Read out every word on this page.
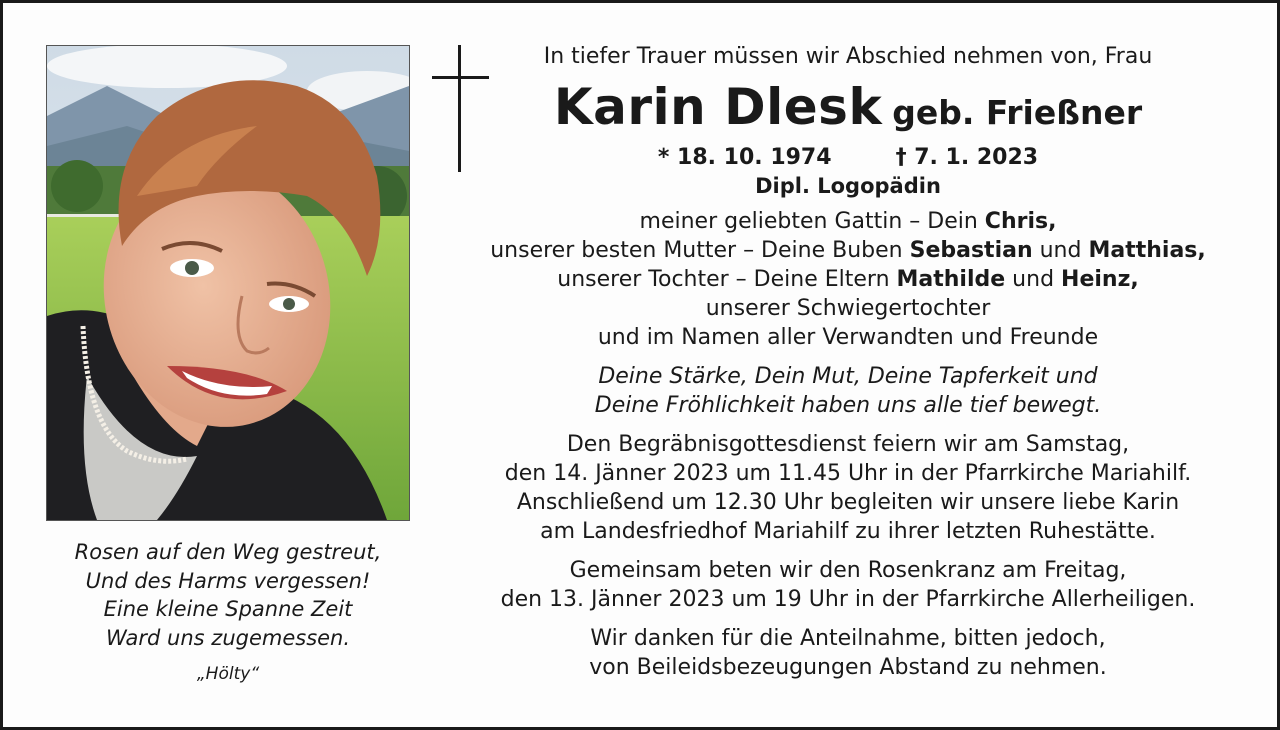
Rosen auf den Weg gestreut,
Und des Harms vergessen!
Eine kleine Spanne Zeit
Ward uns zugemessen.
„Hölty“
In tiefer Trauer müssen wir Abschied nehmen von, Frau
Karin Dlesk geb. Frießner
* 18. 10. 1974	† 7. 1. 2023
Dipl. Logopädin
meiner geliebten Gattin – Dein Chris,
unserer besten Mutter – Deine Buben Sebastian und Matthias,
unserer Tochter – Deine Eltern Mathilde und Heinz,
unserer Schwiegertochter
und im Namen aller Verwandten und Freunde
Deine Stärke, Dein Mut, Deine Tapferkeit und
Deine Fröhlichkeit haben uns alle tief bewegt.
Den Begräbnisgottesdienst feiern wir am Samstag,
den 14. Jänner 2023 um 11.45 Uhr in der Pfarrkirche Mariahilf.
Anschließend um 12.30 Uhr begleiten wir unsere liebe Karin
am Landesfriedhof Mariahilf zu ihrer letzten Ruhestätte.
Gemeinsam beten wir den Rosenkranz am Freitag,
den 13. Jänner 2023 um 19 Uhr in der Pfarrkirche Allerheiligen.
Wir danken für die Anteilnahme, bitten jedoch,
von Beileidsbezeugungen Abstand zu nehmen.
